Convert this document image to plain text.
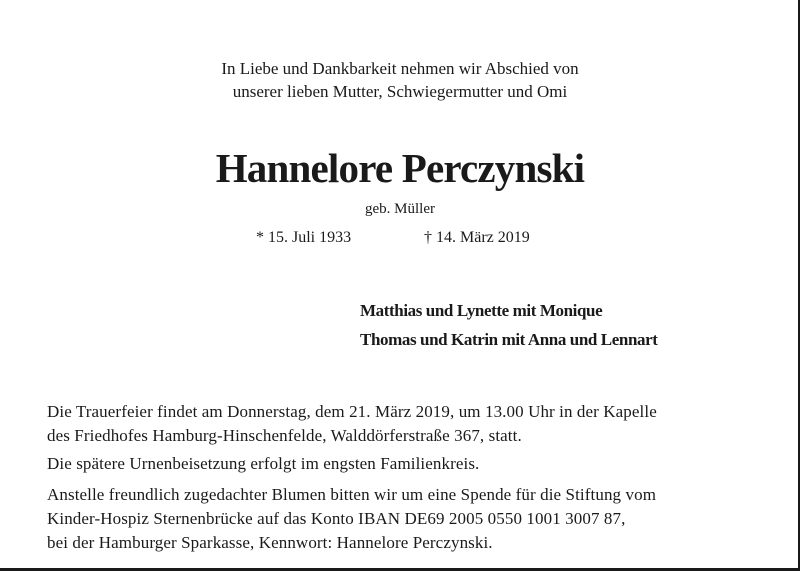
In Liebe und Dankbarkeit nehmen wir Abschied von
unserer lieben Mutter, Schwiegermutter und Omi
Hannelore Perczynski
geb. Müller
* 15. Juli 1933	† 14. März 2019
Matthias und Lynette mit Monique
Thomas und Katrin mit Anna und Lennart
Die Trauerfeier findet am Donnerstag, dem 21. März 2019, um 13.00 Uhr in der Kapelle
des Friedhofes Hamburg-Hinschenfelde, Walddörferstraße 367, statt.
Die spätere Urnenbeisetzung erfolgt im engsten Familienkreis.
Anstelle freundlich zugedachter Blumen bitten wir um eine Spende für die Stiftung vom
Kinder-Hospiz Sternenbrücke auf das Konto IBAN DE69 2005 0550 1001 3007 87,
bei der Hamburger Sparkasse, Kennwort: Hannelore Perczynski.
